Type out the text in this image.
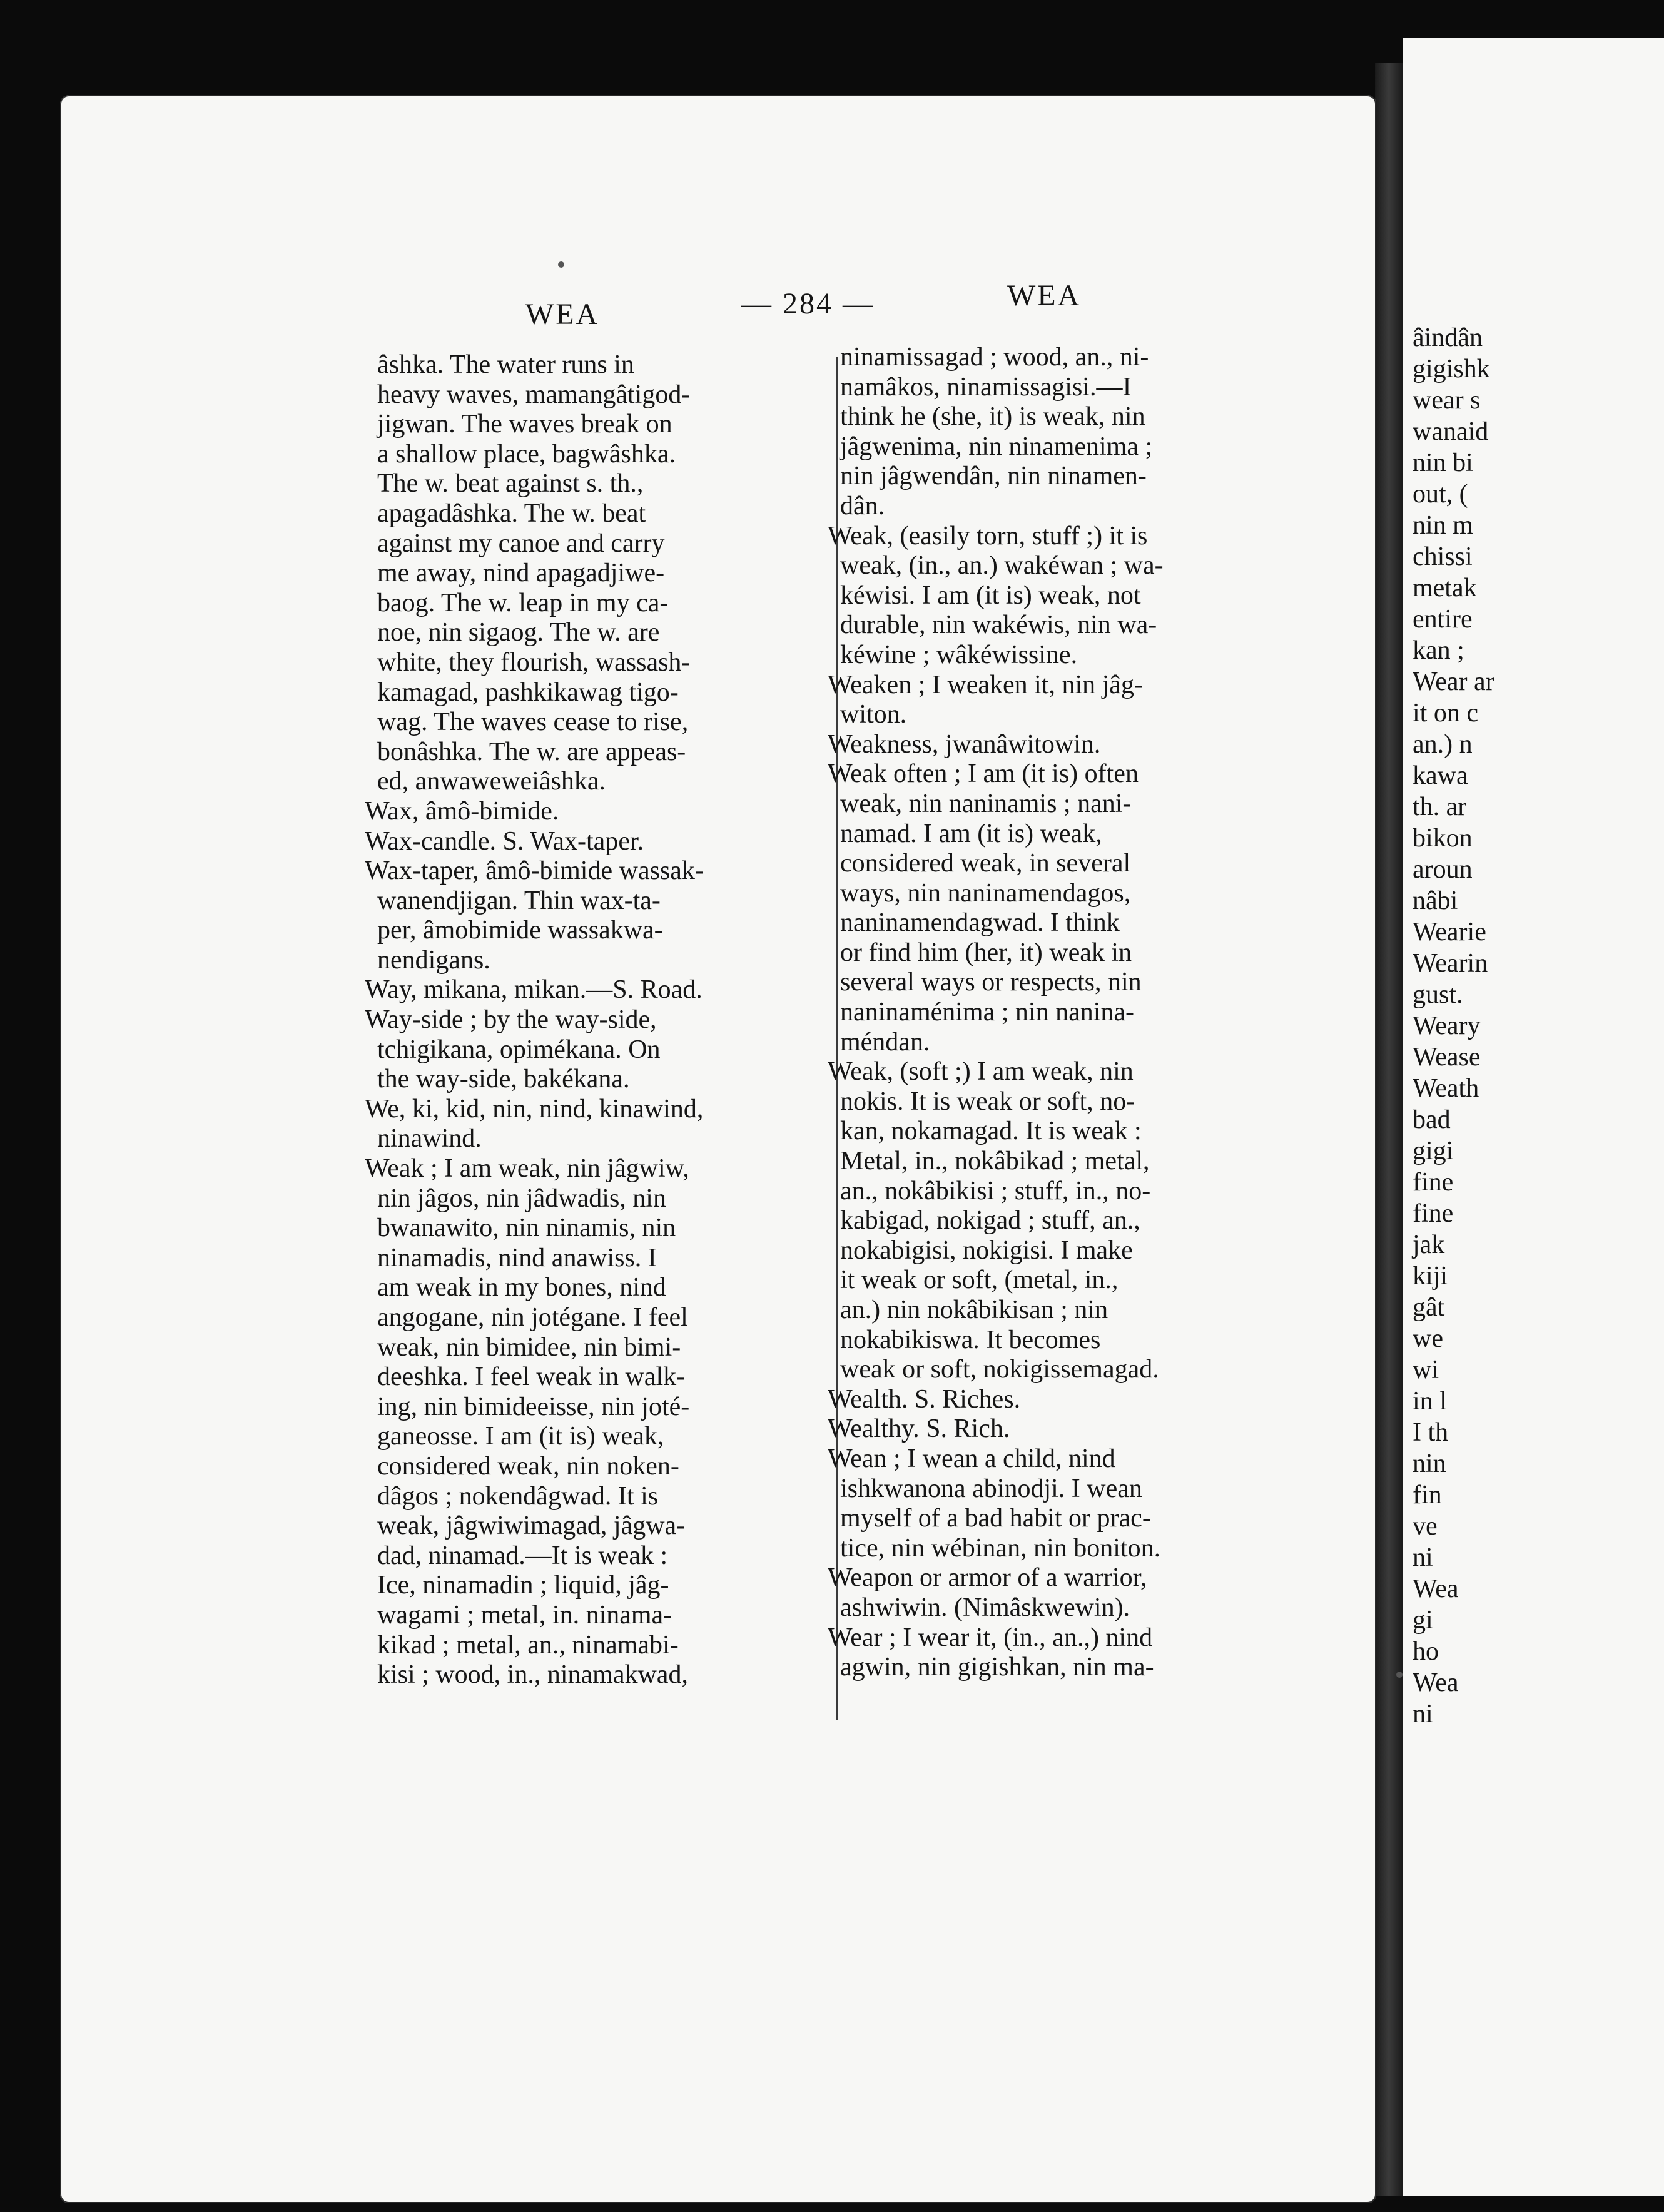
WEA	— 284 —	WEA
âshka. The water runs in
heavy waves, mamangâtigod-
jigwan. The waves break on
a shallow place, bagwâshka.
The w. beat against s. th.,
apagadâshka. The w. beat
against my canoe and carry
me away, nind apagadjiwe-
baog. The w. leap in my ca-
noe, nin sigaog. The w. are
white, they flourish, wassash-
kamagad, pashkikawag tigo-
wag. The waves cease to rise,
bonâshka. The w. are appeas-
ed, anwaweweiâshka.
Wax, âmô-bimide.
Wax-candle. S. Wax-taper.
Wax-taper, âmô-bimide wassak-
wanendjigan. Thin wax-ta-
per, âmobimide wassakwa-
nendigans.
Way, mikana, mikan.—S. Road.
Way-side ; by the way-side,
tchigikana, opimékana. On
the way-side, bakékana.
We, ki, kid, nin, nind, kinawind,
ninawind.
Weak ; I am weak, nin jâgwiw,
nin jâgos, nin jâdwadis, nin
bwanawito, nin ninamis, nin
ninamadis, nind anawiss. I
am weak in my bones, nind
angogane, nin jotégane. I feel
weak, nin bimidee, nin bimi-
deeshka. I feel weak in walk-
ing, nin bimideeisse, nin joté-
ganeosse. I am (it is) weak,
considered weak, nin noken-
dâgos ; nokendâgwad. It is
weak, jâgwiwimagad, jâgwa-
dad, ninamad.—It is weak :
Ice, ninamadin ; liquid, jâg-
wagami ; metal, in. ninama-
kikad ; metal, an., ninamabi-
kisi ; wood, in., ninamakwad,
ninamissagad ; wood, an., ni-
namâkos, ninamissagisi.—I
think he (she, it) is weak, nin
jâgwenima, nin ninamenima ;
nin jâgwendân, nin ninamen-
dân.
Weak, (easily torn, stuff ;) it is
weak, (in., an.) wakéwan ; wa-
kéwisi. I am (it is) weak, not
durable, nin wakéwis, nin wa-
kéwine ; wâkéwissine.
Weaken ; I weaken it, nin jâg-
witon.
Weakness, jwanâwitowin.
Weak often ; I am (it is) often
weak, nin naninamis ; nani-
namad. I am (it is) weak,
considered weak, in several
ways, nin naninamendagos,
naninamendagwad. I think
or find him (her, it) weak in
several ways or respects, nin
naninaménima ; nin nanina-
méndan.
Weak, (soft ;) I am weak, nin
nokis. It is weak or soft, no-
kan, nokamagad. It is weak :
Metal, in., nokâbikad ; metal,
an., nokâbikisi ; stuff, in., no-
kabigad, nokigad ; stuff, an.,
nokabigisi, nokigisi. I make
it weak or soft, (metal, in.,
an.) nin nokâbikisan ; nin
nokabikiswa. It becomes
weak or soft, nokigissemagad.
Wealth. S. Riches.
Wealthy. S. Rich.
Wean ; I wean a child, nind
ishkwanona abinodji. I wean
myself of a bad habit or prac-
tice, nin wébinan, nin boniton.
Weapon or armor of a warrior,
ashwiwin. (Nimâskwewin).
Wear ; I wear it, (in., an.,) nind
agwin, nin gigishkan, nin ma-
âindân
gigishk
wear s
wanaid
nin bi
out, (
nin m
chissi
metak
entire
kan ;
Wear ar
it on c
an.) n
kawa
th. ar
bikon
aroun
nâbi
Wearie
Wearin
gust.
Weary
Wease
Weath
bad
gigi
fine
fine
jak
kiji
gât
we
wi
in l
I th
nin
fin
ve
ni
Wea
gi
ho
Wea
ni
